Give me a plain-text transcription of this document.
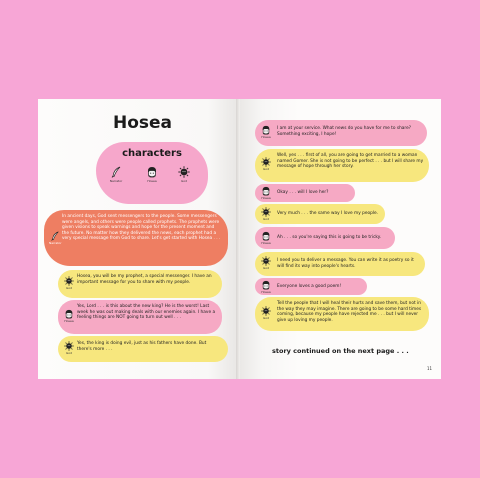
Hosea
characters
Narrator	Hosea	God
Narrator
In ancient days, God sent messengers to the people. Some messengers were angels, and others were people called prophets. The prophets were given visions to speak warnings and hope for the present moment and the future. No matter how they delivered the news, each prophet had a very special message from God to share. Let's get started with Hosea . . .
God
Hosea, you will be my prophet, a special messenger. I have an important message for you to share with my people.
Hosea
Yes, Lord . . . is this about the new king? He is the worst! Last week he was out making deals with our enemies again. I have a feeling things are NOT going to turn out well . . .
God
Yes, the king is doing evil, just as his fathers have done. But there's more . . .
Hosea
I am at your service. What news do you have for me to share? Something exciting, I hope!
God
Well, yes . . . first of all, you are going to get married to a woman named Gomer. She is not going to be perfect . . . but I will share my message of hope through her story.
Hosea
Okay . . . will I love her?
God
Very much . . . the same way I love my people.
Hosea
Ah . . . so you're saying this is going to be tricky.
God
I need you to deliver a message. You can write it as poetry so it will find its way into people's hearts.
Hosea
Everyone loves a good poem!
God
Tell the people that I will heal their hurts and save them, but not in the way they may imagine. There are going to be some hard times coming, because my people have rejected me . . . but I will never give up loving my people.
story continued on the next page . . .
11
